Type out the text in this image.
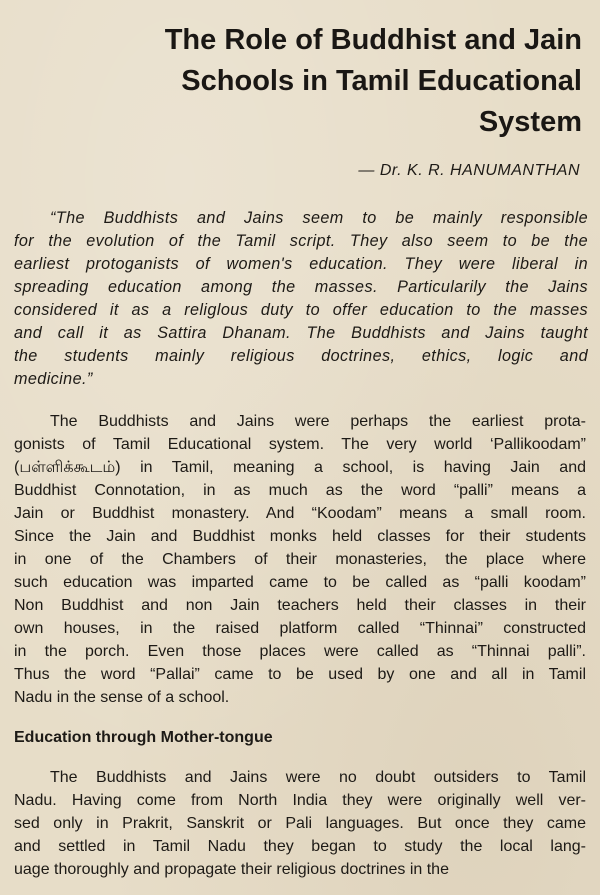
The Role of Buddhist and Jain
Schools in Tamil Educational
System
— Dr. K. R. HANUMANTHAN

“The Buddhists and Jains seem to be mainly responsible
for the evolution of the Tamil script. They also seem to be the
earliest protoganists of women's education. They were liberal in
spreading education among the masses. Particularily the Jains
considered it as a religlous duty to offer education to the masses
and call it as Sattira Dhanam. The Buddhists and Jains taught
the students mainly religious doctrines, ethics, logic and
medicine.”

The Buddhists and Jains were perhaps the earliest prota-
gonists of Tamil Educational system. The very world ‘Pallikoodam”
(பள்ளிக்கூடம்) in Tamil, meaning a school, is having Jain and
Buddhist Connotation, in as much as the word “palli” means a
Jain or Buddhist monastery. And “Koodam” means a small room.
Since the Jain and Buddhist monks held classes for their students
in one of the Chambers of their monasteries, the place where
such education was imparted came to be called as “palli koodam”
Non Buddhist and non Jain teachers held their classes in their
own houses, in the raised platform called “Thinnai” constructed
in the porch. Even those places were called as “Thinnai palli”.
Thus the word “Pallai” came to be used by one and all in Tamil
Nadu in the sense of a school.

Education through Mother-tongue

The Buddhists and Jains were no doubt outsiders to Tamil
Nadu. Having come from North India they were originally well ver-
sed only in Prakrit, Sanskrit or Pali languages. But once they came
and settled in Tamil Nadu they began to study the local lang-
uage thoroughly and propagate their religious doctrines in the
